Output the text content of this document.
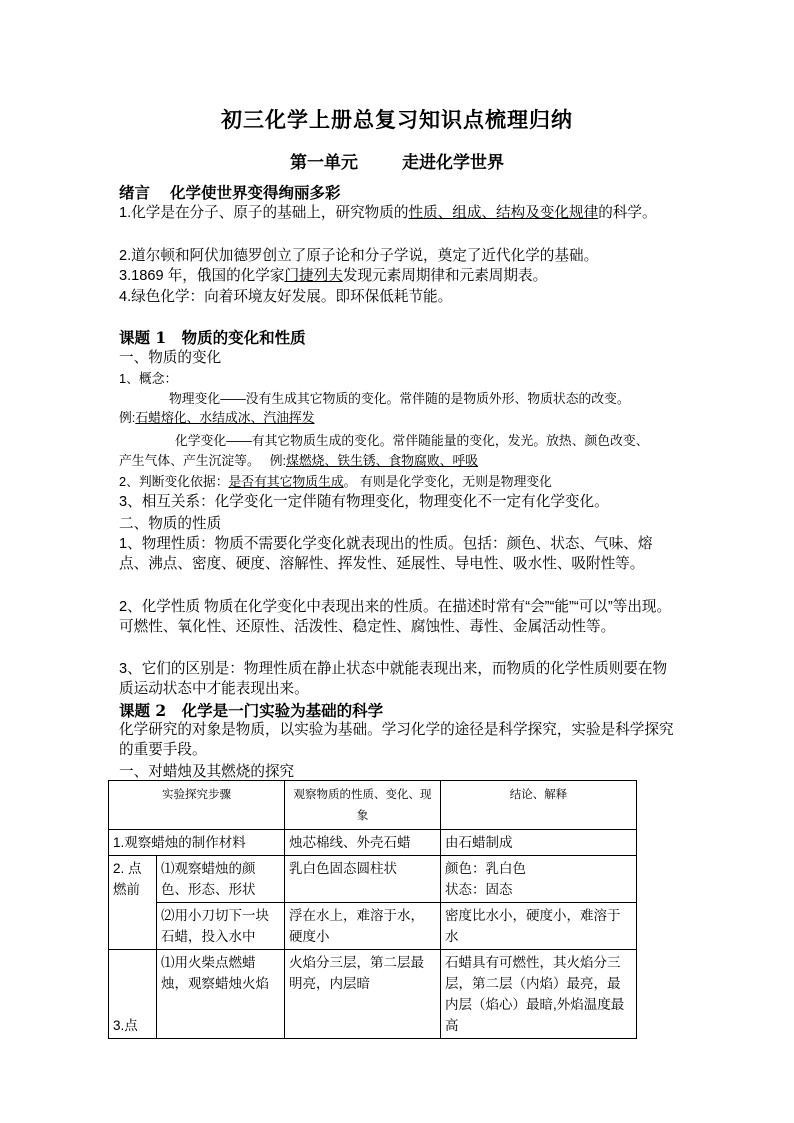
初三化学上册总复习知识点梳理归纳
第一单元	走进化学世界
绪言 化学使世界变得绚丽多彩
1.化学是在分子、原子的基础上，研究物质的性质、组成、结构及变化规律的科学。
2.道尔顿和阿伏加德罗创立了原子论和分子学说，奠定了近代化学的基础。
3.1869 年，俄国的化学家门捷列夫发现元素周期律和元素周期表。
4.绿色化学：向着环境友好发展。即环保低耗节能。
课题 1　物质的变化和性质
一、物质的变化
1、概念：
物理变化——没有生成其它物质的变化。常伴随的是物质外形、物质状态的改变。
例:石蜡熔化、水结成冰、汽油挥发
化学变化——有其它物质生成的变化。常伴随能量的变化，发光。放热、颜色改变、
产生气体、产生沉淀等。　 例:煤燃烧、铁生锈、食物腐败、呼吸
2、判断变化依据：是否有其它物质生成。 有则是化学变化，无则是物理变化
3、相互关系：化学变化一定伴随有物理变化，物理变化不一定有化学变化。
二、物质的性质
1、物理性质：物质不需要化学变化就表现出的性质。包括：颜色、状态、气味、熔点、沸点、密度、硬度、溶解性、挥发性、延展性、导电性、吸水性、吸附性等。
2、化学性质 物质在化学变化中表现出来的性质。在描述时常有“会”“能”“可以”等出现。可燃性、氧化性、还原性、活泼性、稳定性、腐蚀性、毒性、金属活动性等。
3、它们的区别是：物理性质在静止状态中就能表现出来，而物质的化学性质则要在物质运动状态中才能表现出来。
课题 2　化学是一门实验为基础的科学
化学研究的对象是物质，以实验为基础。学习化学的途径是科学探究，实验是科学探究的重要手段。
一、对蜡烛及其燃烧的探究
实验探究步骤		观察物质的性质、变化、现象	结论、解释
1.观察蜡烛的制作材料		烛芯棉线、外壳石蜡	由石蜡制成
2. 点燃前	⑴观察蜡烛的颜色、形态、形状	乳白色固态圆柱状	颜色：乳白色
状态：固态
	⑵用小刀切下一块石蜡，投入水中	浮在水上，难溶于水，硬度小	密度比水小，硬度小，难溶于水
3.点	⑴用火柴点燃蜡烛，观察蜡烛火焰	火焰分三层，第二层最明亮，内层暗	石蜡具有可燃性，其火焰分三层，第二层（内焰）最亮，最内层（焰心）最暗,外焰温度最高
